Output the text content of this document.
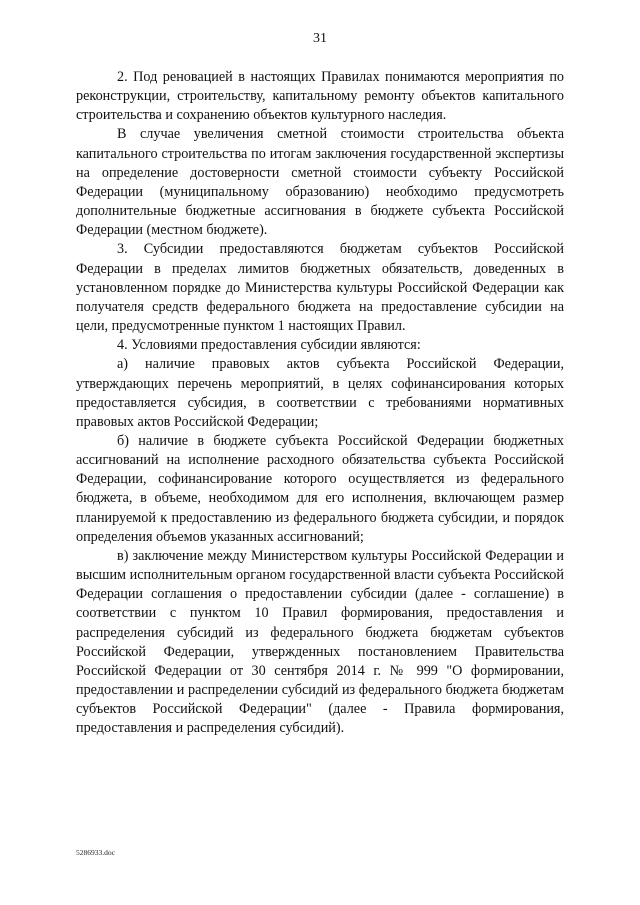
31

2. Под реновацией в настоящих Правилах понимаются мероприятия по реконструкции, строительству, капитальному ремонту объектов капитального строительства и сохранению объектов культурного наследия.

В случае увеличения сметной стоимости строительства объекта капитального строительства по итогам заключения государственной экспертизы на определение достоверности сметной стоимости субъекту Российской Федерации (муниципальному образованию) необходимо предусмотреть дополнительные бюджетные ассигнования в бюджете субъекта Российской Федерации (местном бюджете).

3. Субсидии предоставляются бюджетам субъектов Российской Федерации в пределах лимитов бюджетных обязательств, доведенных в установленном порядке до Министерства культуры Российской Федерации как получателя средств федерального бюджета на предоставление субсидии на цели, предусмотренные пунктом 1 настоящих Правил.

4. Условиями предоставления субсидии являются:

а) наличие правовых актов субъекта Российской Федерации, утверждающих перечень мероприятий, в целях софинансирования которых предоставляется субсидия, в соответствии с требованиями нормативных правовых актов Российской Федерации;

б) наличие в бюджете субъекта Российской Федерации бюджетных ассигнований на исполнение расходного обязательства субъекта Российской Федерации, софинансирование которого осуществляется из федерального бюджета, в объеме, необходимом для его исполнения, включающем размер планируемой к предоставлению из федерального бюджета субсидии, и порядок определения объемов указанных ассигнований;

в) заключение между Министерством культуры Российской Федерации и высшим исполнительным органом государственной власти субъекта Российской Федерации соглашения о предоставлении субсидии (далее - соглашение) в соответствии с пунктом 10 Правил формирования, предоставления и распределения субсидий из федерального бюджета бюджетам субъектов Российской Федерации, утвержденных постановлением Правительства Российской Федерации от 30 сентября 2014 г. № 999 "О формировании, предоставлении и распределении субсидий из федерального бюджета бюджетам субъектов Российской Федерации" (далее - Правила формирования, предоставления и распределения субсидий).

5286933.doc
